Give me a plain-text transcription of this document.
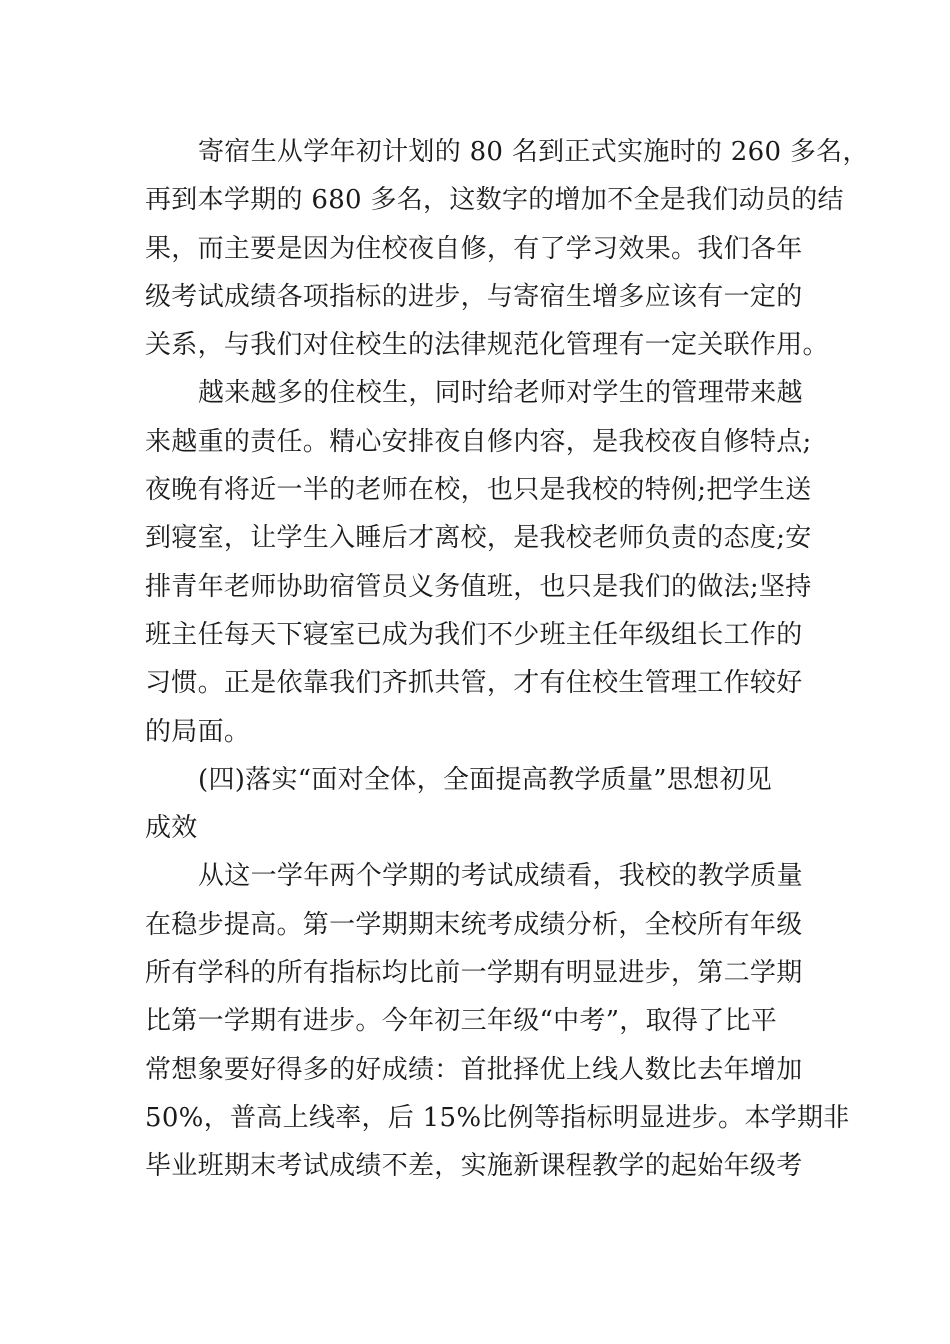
寄宿生从学年初计划的 80 名到正式实施时的 260 多名，
再到本学期的 680 多名，这数字的增加不全是我们动员的结
果，而主要是因为住校夜自修，有了学习效果。我们各年
级考试成绩各项指标的进步，与寄宿生增多应该有一定的
关系，与我们对住校生的法律规范化管理有一定关联作用。
越来越多的住校生，同时给老师对学生的管理带来越
来越重的责任。精心安排夜自修内容，是我校夜自修特点;
夜晚有将近一半的老师在校，也只是我校的特例;把学生送
到寝室，让学生入睡后才离校，是我校老师负责的态度;安
排青年老师协助宿管员义务值班，也只是我们的做法;坚持
班主任每天下寝室已成为我们不少班主任年级组长工作的
习惯。正是依靠我们齐抓共管，才有住校生管理工作较好
的局面。
(四)落实“面对全体，全面提高教学质量”思想初见
成效
从这一学年两个学期的考试成绩看，我校的教学质量
在稳步提高。第一学期期末统考成绩分析，全校所有年级
所有学科的所有指标均比前一学期有明显进步，第二学期
比第一学期有进步。今年初三年级“中考”，取得了比平
常想象要好得多的好成绩：首批择优上线人数比去年增加
50%，普高上线率，后 15%比例等指标明显进步。本学期非
毕业班期末考试成绩不差，实施新课程教学的起始年级考
